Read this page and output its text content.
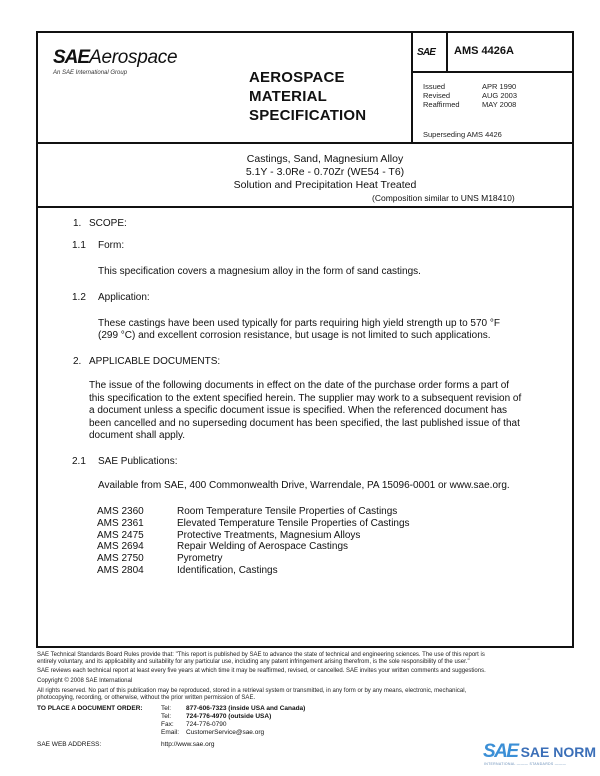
SAEAerospace
An SAE International Group	AEROSPACE
MATERIAL
SPECIFICATION
SAE AMS 4426A
Issued	APR 1990
Revised	AUG 2003
Reaffirmed	MAY 2008
Superseding AMS 4426
Castings, Sand, Magnesium Alloy
5.1Y - 3.0Re - 0.70Zr (WE54 - T6)
Solution and Precipitation Heat Treated
(Composition similar to UNS M18410)
1. SCOPE:
1.1 Form:
This specification covers a magnesium alloy in the form of sand castings.
1.2 Application:
These castings have been used typically for parts requiring high yield strength up to 570 °F
(299 °C) and excellent corrosion resistance, but usage is not limited to such applications.
2. APPLICABLE DOCUMENTS:
The issue of the following documents in effect on the date of the purchase order forms a part of
this specification to the extent specified herein. The supplier may work to a subsequent revision of
a document unless a specific document issue is specified. When the referenced document has
been cancelled and no superseding document has been specified, the last published issue of that
document shall apply.
2.1 SAE Publications:
Available from SAE, 400 Commonwealth Drive, Warrendale, PA 15096-0001 or www.sae.org.
AMS 2360	Room Temperature Tensile Properties of Castings
AMS 2361	Elevated Temperature Tensile Properties of Castings
AMS 2475	Protective Treatments, Magnesium Alloys
AMS 2694	Repair Welding of Aerospace Castings
AMS 2750	Pyrometry
AMS 2804	Identification, Castings
SAE Technical Standards Board Rules provide that: "This report is published by SAE to advance the state of technical and engineering sciences. The use of this report is
entirely voluntary, and its applicability and suitability for any particular use, including any patent infringement arising therefrom, is the sole responsibility of the user."
SAE reviews each technical report at least every five years at which time it may be reaffirmed, revised, or cancelled. SAE invites your written comments and suggestions.
Copyright © 2008 SAE International
All rights reserved. No part of this publication may be reproduced, stored in a retrieval system or transmitted, in any form or by any means, electronic, mechanical,
photocopying, recording, or otherwise, without the prior written permission of SAE.
TO PLACE A DOCUMENT ORDER:	Tel:	877-606-7323 (inside USA and Canada)
Tel:	724-776-4970 (outside USA)
Fax:	724-776-0790
Email:	CustomerService@sae.org
SAE WEB ADDRESS:	http://www.sae.org	SAE SAE NORM
INTERNATIONAL ——— STANDARDS ———
